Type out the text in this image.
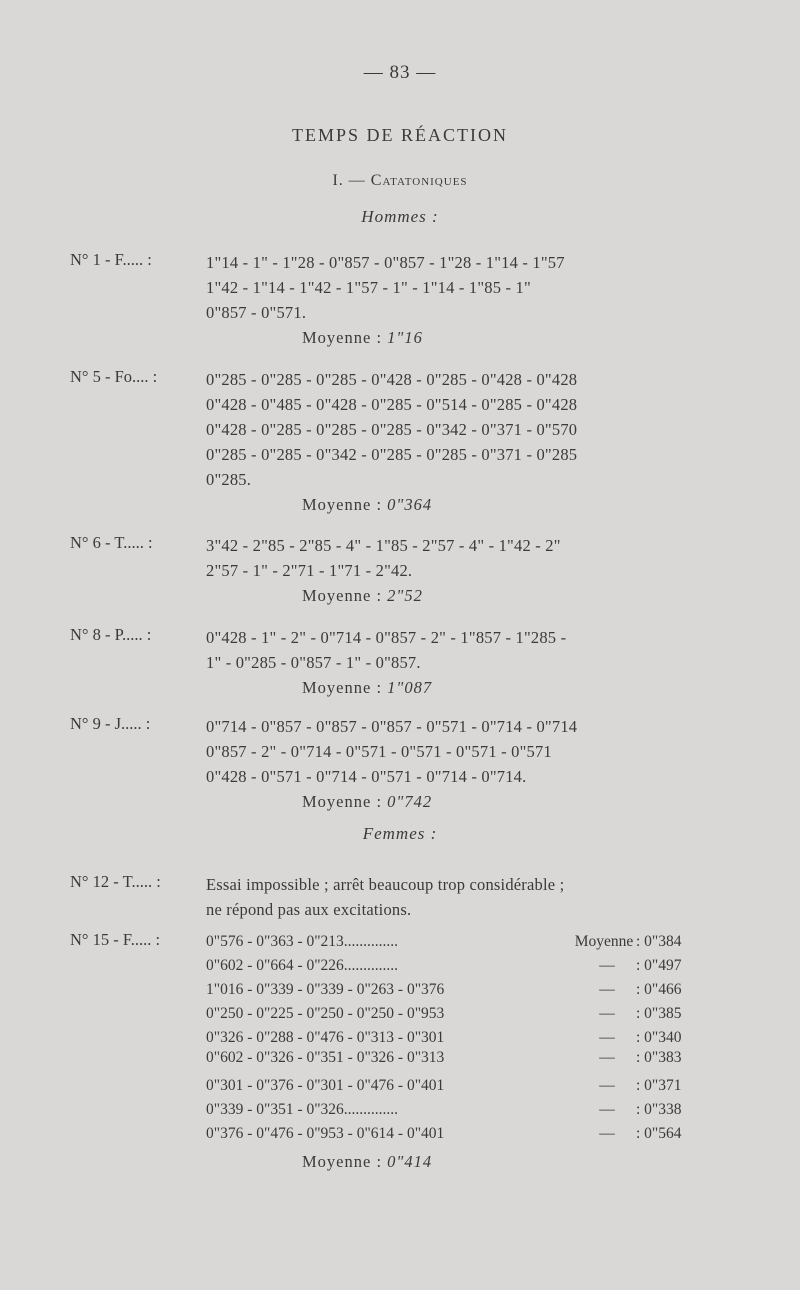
— 83 —
TEMPS DE RÉACTION
I. — Catatoniques
Hommes :
N° 1 - F..... :	1"14 - 1" - 1"28 - 0"857 - 0"857 - 1"28 - 1"14 - 1"57
1"42 - 1"14 - 1"42 - 1"57 - 1" - 1"14 - 1"85 - 1"
0"857 - 0"571.
Moyenne : 1"16
N° 5 - Fo.... :	0"285 - 0"285 - 0"285 - 0"428 - 0"285 - 0"428 - 0"428
0"428 - 0"485 - 0"428 - 0"285 - 0"514 - 0"285 - 0"428
0"428 - 0"285 - 0"285 - 0"285 - 0"342 - 0"371 - 0"570
0"285 - 0"285 - 0"342 - 0"285 - 0"285 - 0"371 - 0"285
0"285.
Moyenne : 0"364
N° 6 - T..... :	3"42 - 2"85 - 2"85 - 4" - 1"85 - 2"57 - 4" - 1"42 - 2"
2"57 - 1" - 2"71 - 1"71 - 2"42.
Moyenne : 2"52
N° 8 - P..... :	0"428 - 1" - 2" - 0"714 - 0"857 - 2" - 1"857 - 1"285 -
1" - 0"285 - 0"857 - 1" - 0"857.
Moyenne : 1"087
N° 9 - J..... :	0"714 - 0"857 - 0"857 - 0"857 - 0"571 - 0"714 - 0"714
0"857 - 2" - 0"714 - 0"571 - 0"571 - 0"571 - 0"571
0"428 - 0"571 - 0"714 - 0"571 - 0"714 - 0"714.
Moyenne : 0"742
Femmes :
N° 12 - T..... :	Essai impossible ; arrêt beaucoup trop considérable ;
ne répond pas aux excitations.
N° 15 - F..... :	0"576 - 0"363 - 0"213..............	Moyenne : 0"384
0"602 - 0"664 - 0"226..............	—	: 0"497
1"016 - 0"339 - 0"339 - 0"263 - 0"376	—	: 0"466
0"250 - 0"225 - 0"250 - 0"250 - 0"953	—	: 0"385
0"326 - 0"288 - 0"476 - 0"313 - 0"301	—	: 0"340
0"602 - 0"326 - 0"351 - 0"326 - 0"313	—	: 0"383
0"301 - 0"376 - 0"301 - 0"476 - 0"401	—	: 0"371
0"339 - 0"351 - 0"326..............	—	: 0"338
0"376 - 0"476 - 0"953 - 0"614 - 0"401	—	: 0"564
Moyenne : 0"414
